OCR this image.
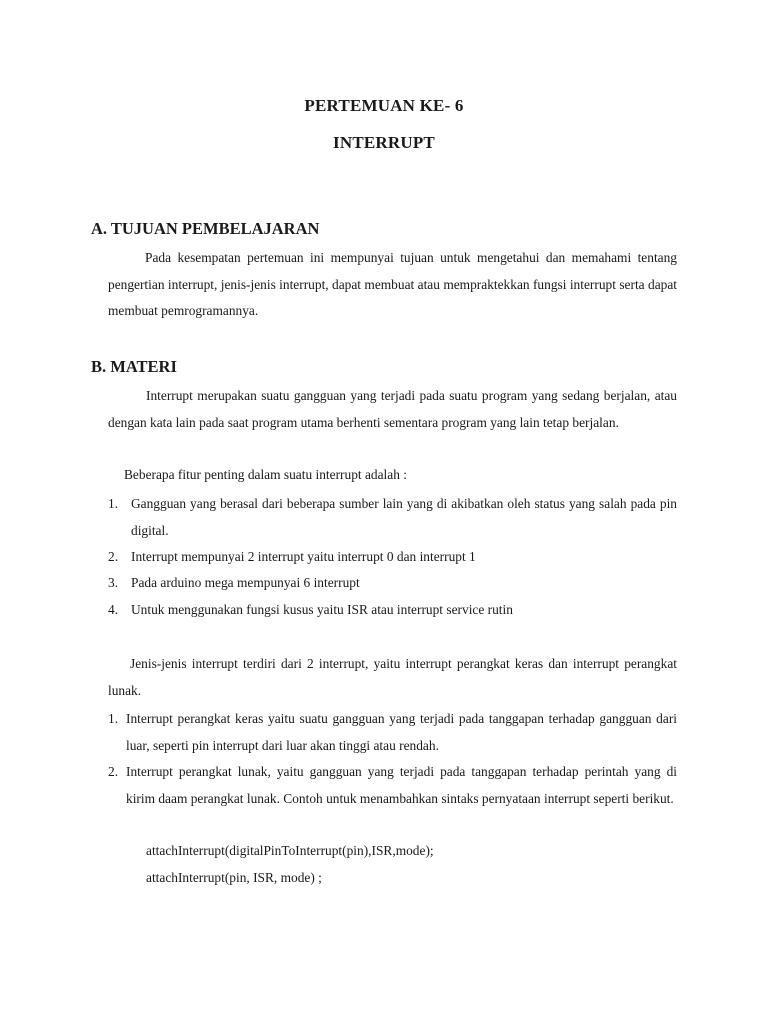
PERTEMUAN KE- 6
INTERRUPT
A. TUJUAN PEMBELAJARAN

Pada kesempatan pertemuan ini mempunyai tujuan untuk mengetahui dan memahami tentang pengertian interrupt, jenis-jenis interrupt, dapat membuat atau mempraktekkan fungsi interrupt serta dapat membuat pemrogramannya.

B. MATERI

Interrupt merupakan suatu gangguan yang terjadi pada suatu program yang sedang berjalan, atau dengan kata lain pada saat program utama berhenti sementara program yang lain tetap berjalan.

Beberapa fitur penting dalam suatu interrupt adalah :
1. Gangguan yang berasal dari beberapa sumber lain yang di akibatkan oleh status yang salah pada pin digital.
2. Interrupt mempunyai 2 interrupt yaitu interrupt 0 dan interrupt 1
3. Pada arduino mega mempunyai 6 interrupt
4. Untuk menggunakan fungsi kusus yaitu ISR atau interrupt service rutin

Jenis-jenis interrupt terdiri dari 2 interrupt, yaitu interrupt perangkat keras dan interrupt perangkat lunak.

1. Interrupt perangkat keras yaitu suatu gangguan yang terjadi pada tanggapan terhadap gangguan dari luar, seperti pin interrupt dari luar akan tinggi atau rendah.
2. Interrupt perangkat lunak, yaitu gangguan yang terjadi pada tanggapan terhadap perintah yang di kirim daam perangkat lunak. Contoh untuk menambahkan sintaks pernyataan interrupt seperti berikut.
attachInterrupt(digitalPinToInterrupt(pin),ISR,mode);
attachInterrupt(pin, ISR, mode) ;
